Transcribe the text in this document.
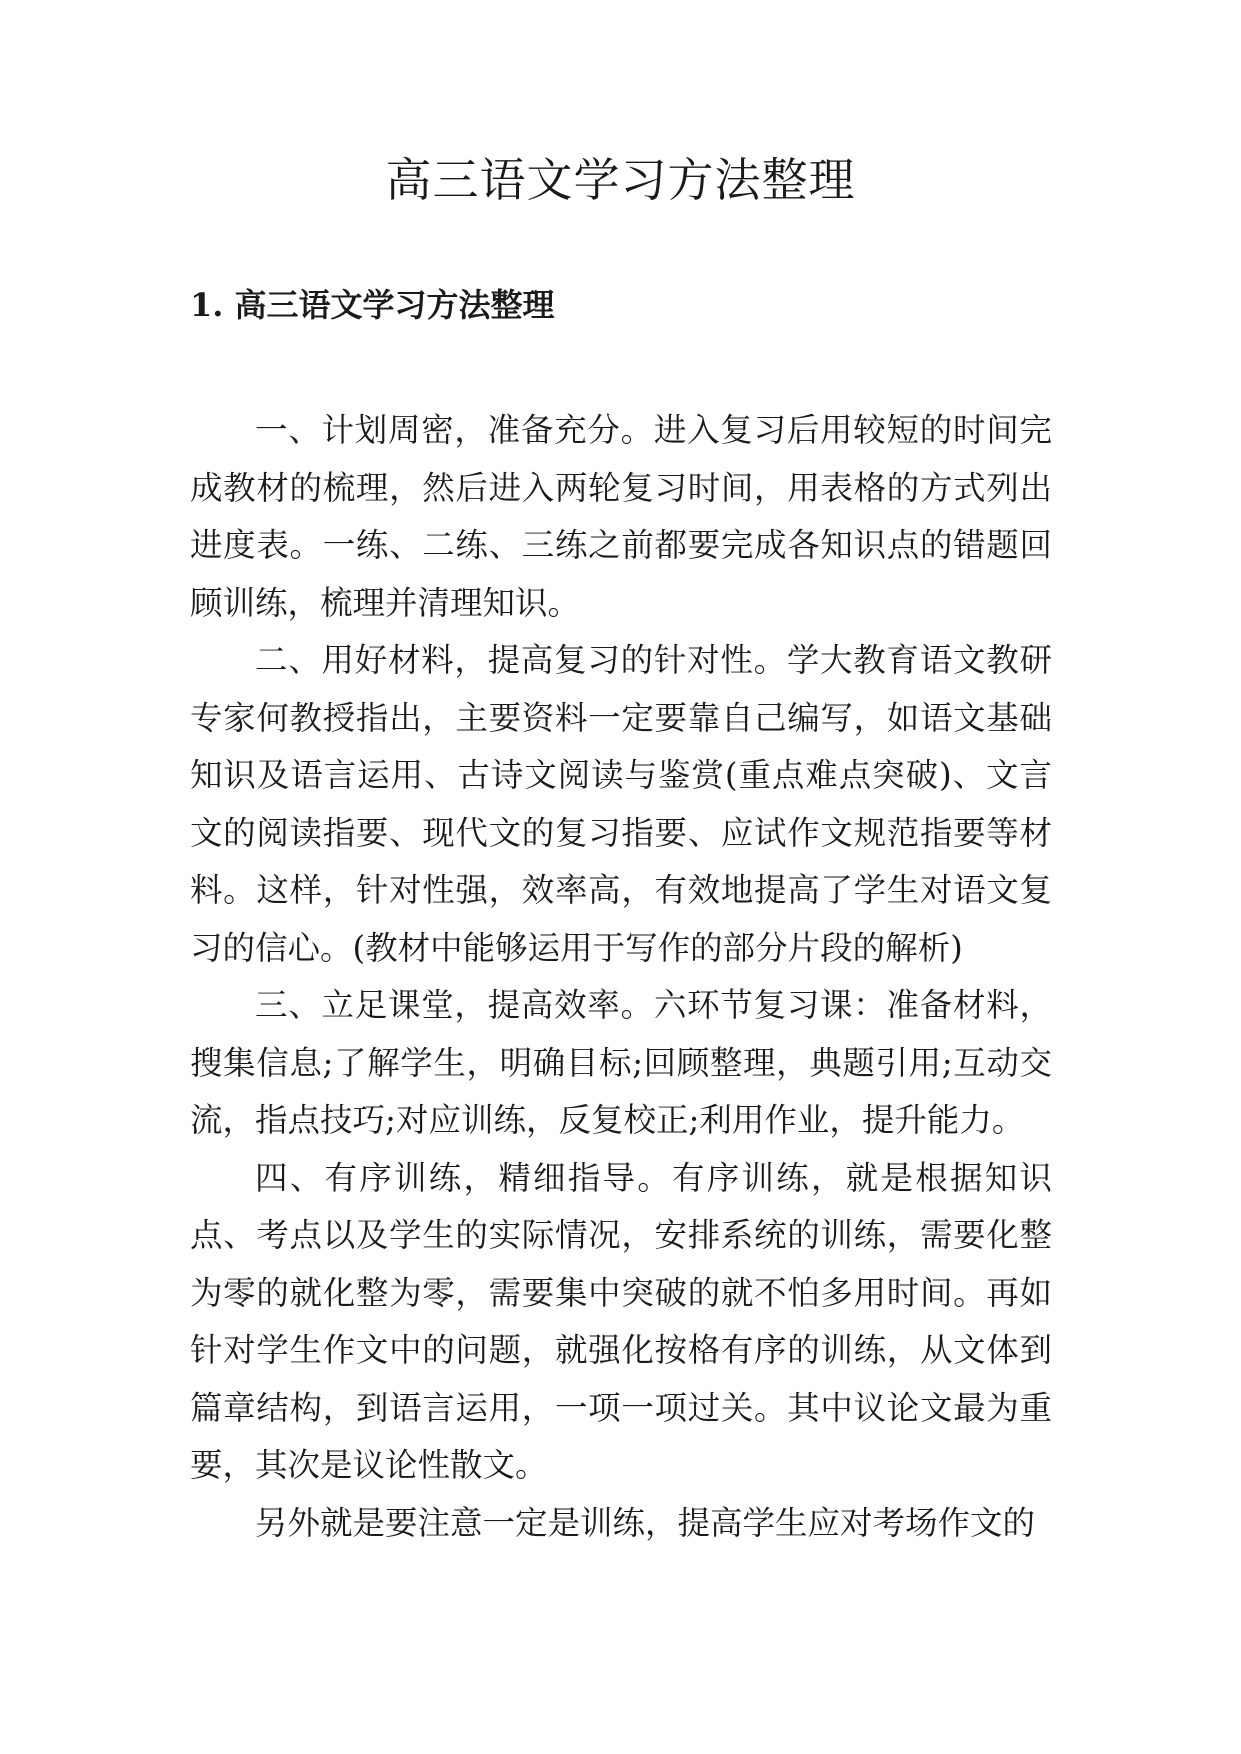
高三语文学习方法整理
1. 高三语文学习方法整理

一、计划周密，准备充分。进入复习后用较短的时间完成教材的梳理，然后进入两轮复习时间，用表格的方式列出进度表。一练、二练、三练之前都要完成各知识点的错题回顾训练，梳理并清理知识。

二、用好材料，提高复习的针对性。学大教育语文教研专家何教授指出，主要资料一定要靠自己编写，如语文基础知识及语言运用、古诗文阅读与鉴赏(重点难点突破)、文言文的阅读指要、现代文的复习指要、应试作文规范指要等材料。这样，针对性强，效率高，有效地提高了学生对语文复习的信心。(教材中能够运用于写作的部分片段的解析)

三、立足课堂，提高效率。六环节复习课：准备材料，搜集信息;了解学生，明确目标;回顾整理，典题引用;互动交流，指点技巧;对应训练，反复校正;利用作业，提升能力。

四、有序训练，精细指导。有序训练，就是根据知识点、考点以及学生的实际情况，安排系统的训练，需要化整为零的就化整为零，需要集中突破的就不怕多用时间。再如针对学生作文中的问题，就强化按格有序的训练，从文体到篇章结构，到语言运用，一项一项过关。其中议论文最为重要，其次是议论性散文。

另外就是要注意一定是训练，提高学生应对考场作文的
